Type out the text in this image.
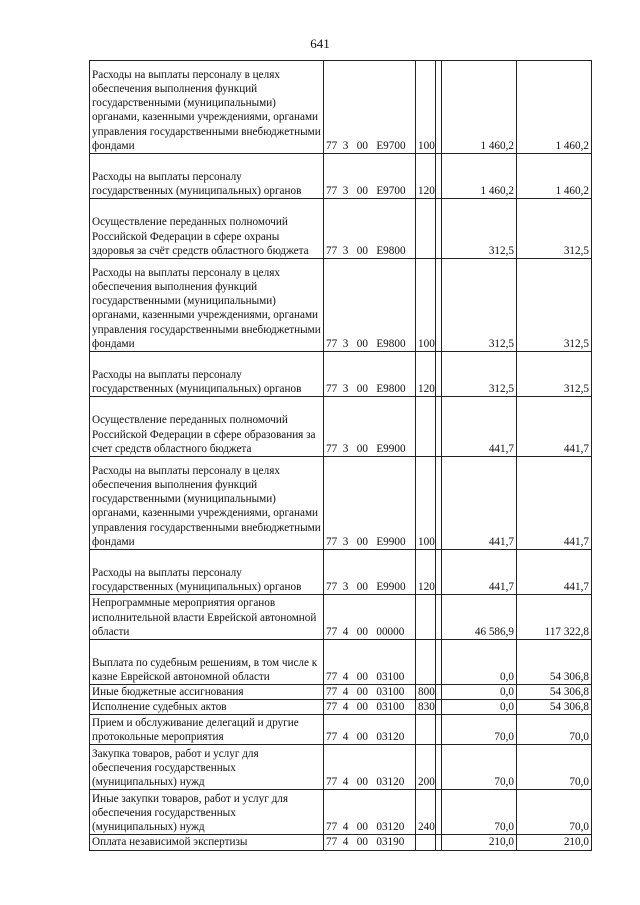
641
Расходы на выплаты персоналу в целях обеспечения выполнения функций государственными (муниципальными) органами, казенными учреждениями, органами управления государственными внебюджетными фондами	77  3   00   Е9700	100		1 460,2	1 460,2
Расходы на выплаты персоналу государственных (муниципальных) органов	77  3   00   Е9700	120		1 460,2	1 460,2
Осуществление переданных полномочий Российской Федерации в сфере охраны здоровья за счёт средств областного бюджета	77  3   00   Е9800			312,5	312,5
Расходы на выплаты персоналу в целях обеспечения выполнения функций государственными (муниципальными) органами, казенными учреждениями, органами управления государственными внебюджетными фондами	77  3   00   Е9800	100		312,5	312,5
Расходы на выплаты персоналу государственных (муниципальных) органов	77  3   00   Е9800	120		312,5	312,5
Осуществление переданных полномочий Российской Федерации в сфере образования за счет средств областного бюджета	77  3   00   Е9900			441,7	441,7
Расходы на выплаты персоналу в целях обеспечения выполнения функций государственными (муниципальными) органами, казенными учреждениями, органами управления государственными внебюджетными фондами	77  3   00   Е9900	100		441,7	441,7
Расходы на выплаты персоналу государственных (муниципальных) органов	77  3   00   Е9900	120		441,7	441,7
Непрограммные мероприятия органов исполнительной власти Еврейской автономной области	77  4   00   00000			46 586,9	117 322,8
Выплата по судебным решениям, в том числе к казне Еврейской автономной области	77  4   00   03100			0,0	54 306,8
Иные бюджетные ассигнования	77  4   00   03100	800		0,0	54 306,8
Исполнение судебных актов	77  4   00   03100	830		0,0	54 306,8
Прием и обслуживание делегаций и другие протокольные мероприятия	77  4   00   03120			70,0	70,0
Закупка товаров, работ и услуг для обеспечения государственных (муниципальных) нужд	77  4   00   03120	200		70,0	70,0
Иные закупки товаров, работ и услуг для обеспечения государственных (муниципальных) нужд	77  4   00   03120	240		70,0	70,0
Оплата независимой экспертизы	77  4   00   03190			210,0	210,0
